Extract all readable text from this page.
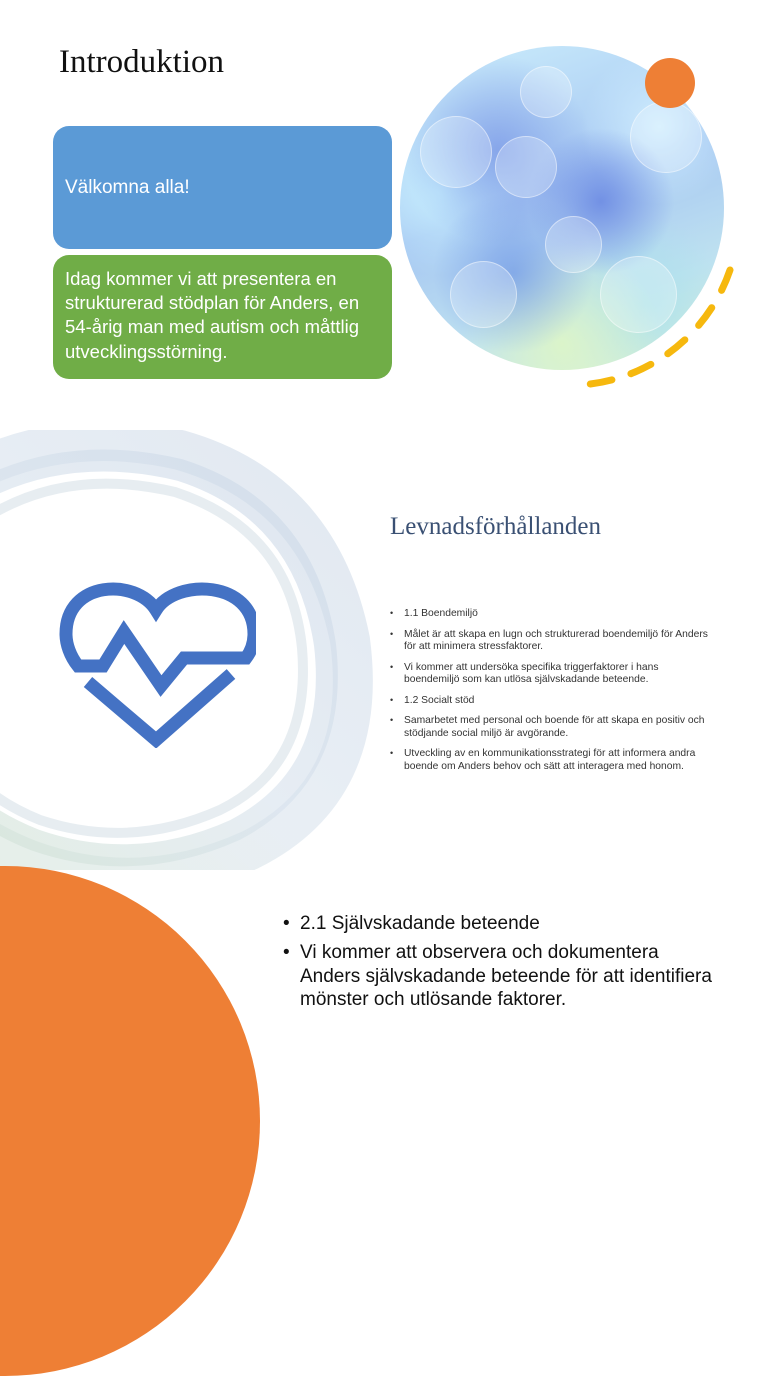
Introduktion
Välkomna alla!

Idag kommer vi att presentera en strukturerad stödplan för Anders, en 54-årig man med autism och måttlig utvecklingsstörning.

Levnadsförhållanden
• 1.1 Boendemiljö
• Målet är att skapa en lugn och strukturerad boendemiljö för Anders för att minimera stressfaktorer.
• Vi kommer att undersöka specifika triggerfaktorer i hans boendemiljö som kan utlösa självskadande beteende.
• 1.2 Socialt stöd
• Samarbetet med personal och boende för att skapa en positiv och stödjande social miljö är avgörande.
• Utveckling av en kommunikationsstrategi för att informera andra boende om Anders behov och sätt att interagera med honom.
• 2.1 Självskadande beteende
• Vi kommer att observera och dokumentera Anders självskadande beteende för att identifiera mönster och utlösande faktorer.
